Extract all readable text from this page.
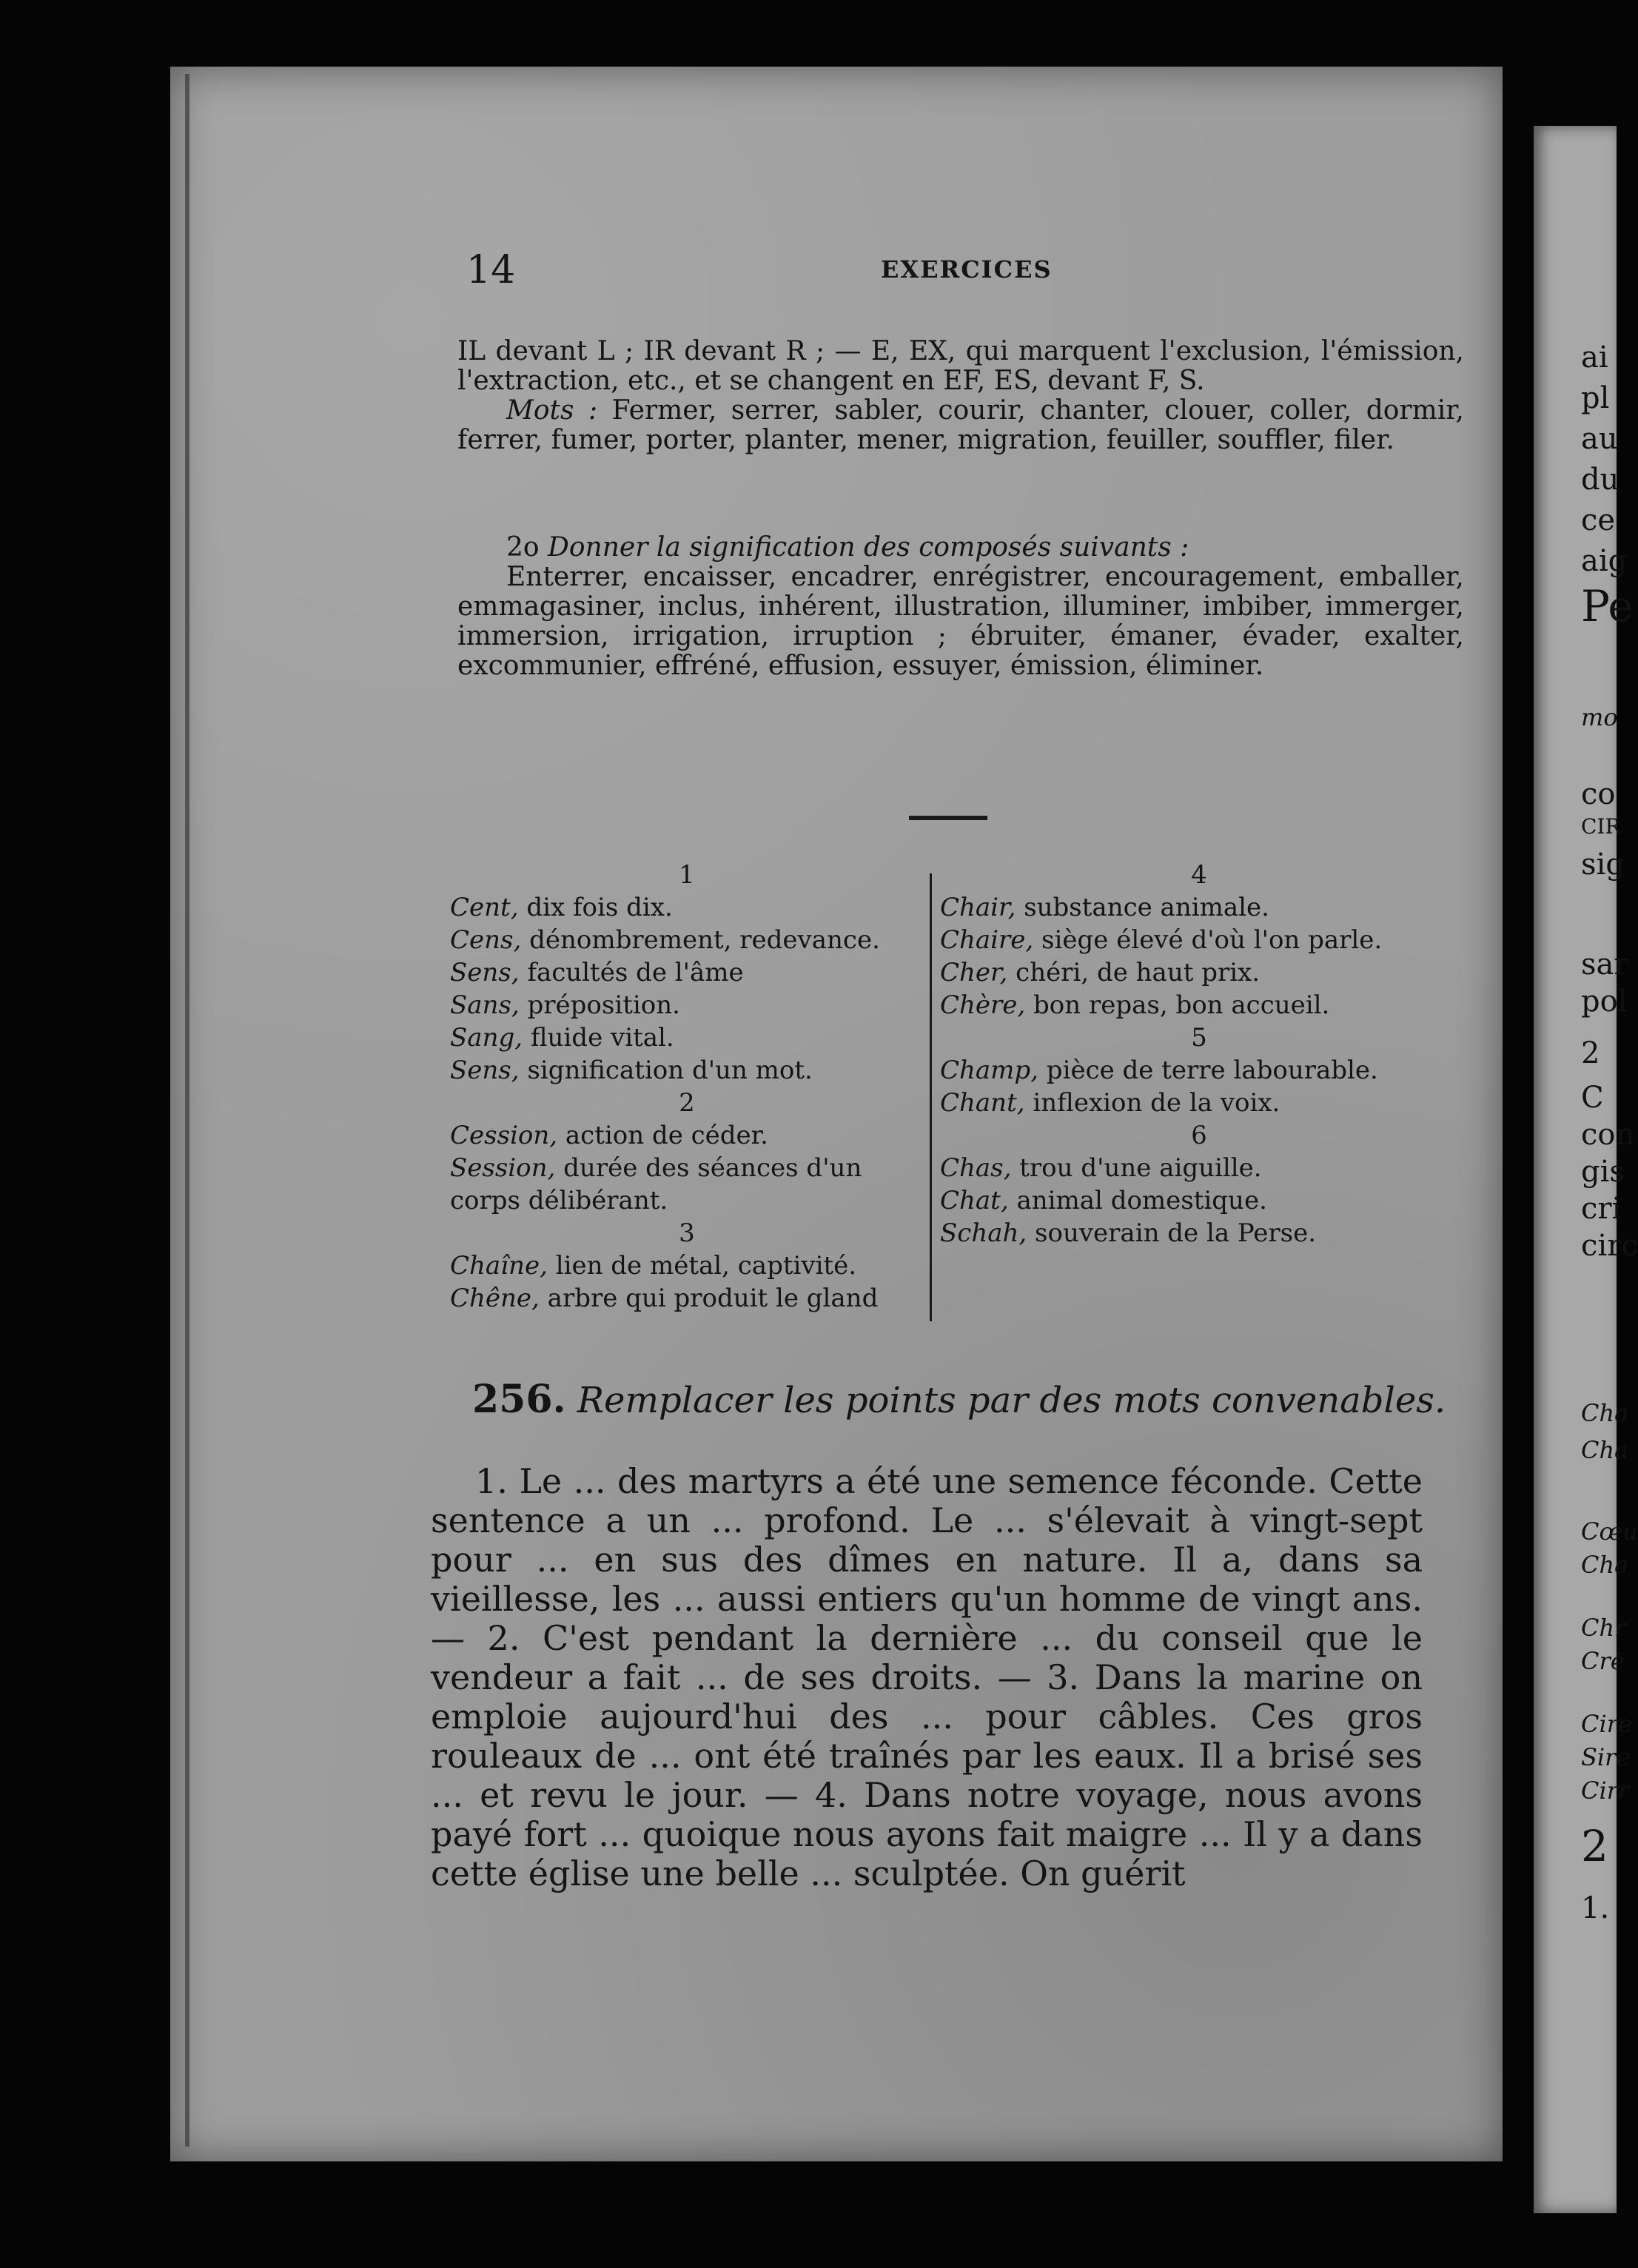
ai
pl
au
du
ce
aig
Pe
mo
co
CIR
sig
sar
pol
2
C
con
gis
cri
circ
Cha
Cha
Cœu
Cha
Chr
Crè
Cire
Sire
Cirr
2
1.
14	EXERCICES

IL devant L ; IR devant R ; — E, EX, qui marquent l'exclusion, l'émission, l'extraction, etc., et se changent en EF, ES, devant F, S.

Mots : Fermer, serrer, sabler, courir, chanter, clouer, coller, dormir, ferrer, fumer, porter, planter, mener, migration, feuiller, souffler, filer.

2o Donner la signification des composés suivants :

Enterrer, encaisser, encadrer, enrégistrer, encouragement, emballer, emmagasiner, inclus, inhérent, illustration, illuminer, imbiber, immerger, immersion, irrigation, irruption ; ébruiter, émaner, évader, exalter, excommunier, effréné, effusion, essuyer, émission, éliminer.

1
Cent, dix fois dix.
Cens, dénombrement, redevance.
Sens, facultés de l'âme
Sans, préposition.
Sang, fluide vital.
Sens, signification d'un mot.
2
Cession, action de céder.
Session, durée des séances d'un corps délibérant.
3
Chaîne, lien de métal, captivité.
Chêne, arbre qui produit le gland
4
Chair, substance animale.
Chaire, siège élevé d'où l'on parle.
Cher, chéri, de haut prix.
Chère, bon repas, bon accueil.
5
Champ, pièce de terre labourable.
Chant, inflexion de la voix.
6
Chas, trou d'une aiguille.
Chat, animal domestique.
Schah, souverain de la Perse.
256. Remplacer les points par des mots convenables.

1. Le ... des martyrs a été une semence féconde. Cette sentence a un ... profond. Le ... s'élevait à vingt-sept pour ... en sus des dîmes en nature. Il a, dans sa vieillesse, les ... aussi entiers qu'un homme de vingt ans. — 2. C'est pendant la dernière ... du conseil que le vendeur a fait ... de ses droits. — 3. Dans la marine on emploie aujourd'hui des ... pour câbles. Ces gros rouleaux de ... ont été traînés par les eaux. Il a brisé ses ... et revu le jour. — 4. Dans notre voyage, nous avons payé fort ... quoique nous ayons fait maigre ... Il y a dans cette église une belle ... sculptée. On guérit
